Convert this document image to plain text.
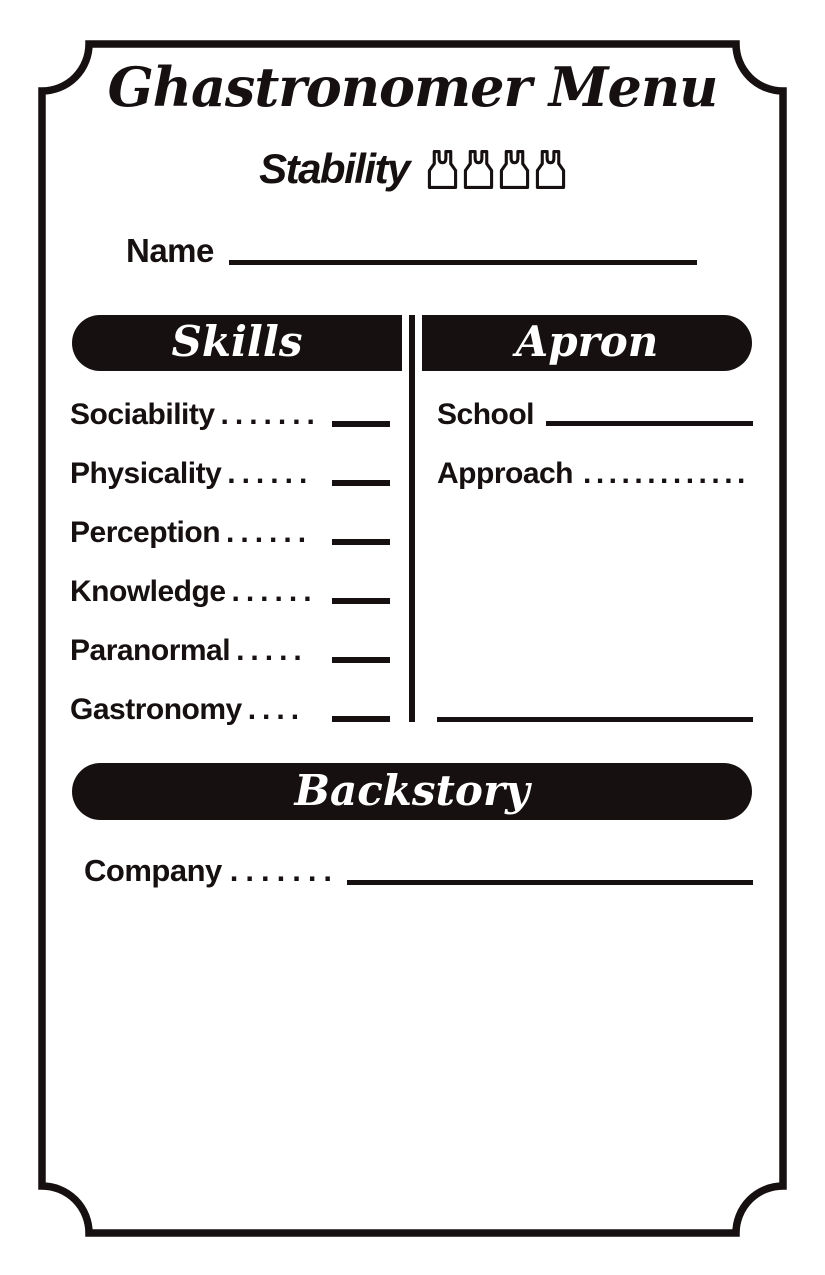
Ghastronomer Menu
Stability
Name
Skills	Apron
Sociability .......
Physicality ......
Perception ......
Knowledge ......
Paranormal .....
Gastronomy ....
School
Approach .............
Backstory
Company .......
